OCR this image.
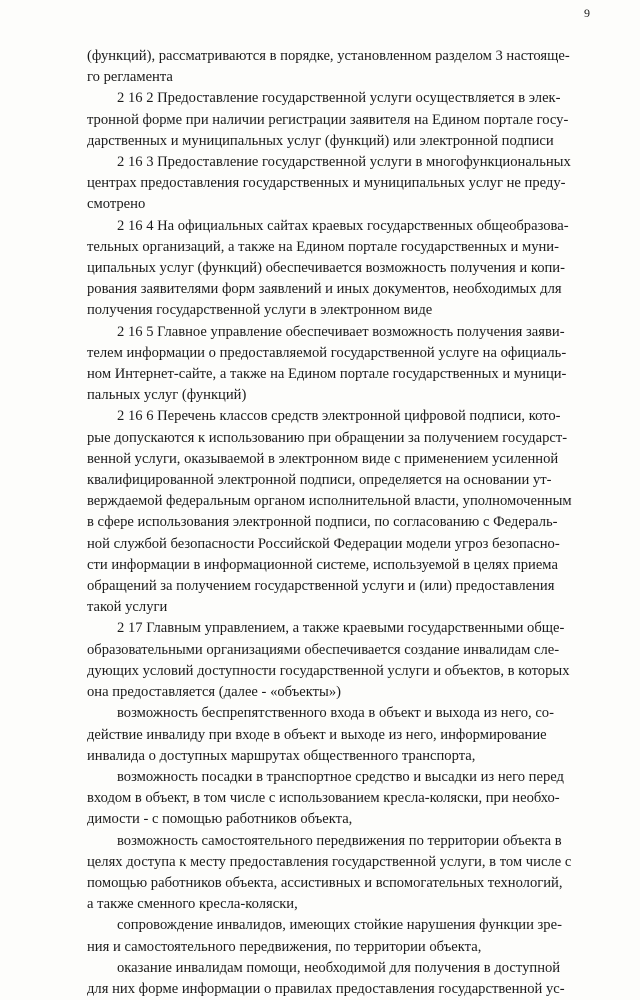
9
(функций), рассматриваются в порядке, установленном разделом 3 настояще-
го регламента
2 16 2 Предоставление государственной услуги осуществляется в элек-
тронной форме при наличии регистрации заявителя на Едином портале госу-
дарственных и муниципальных услуг (функций) или электронной подписи
2 16 3 Предоставление государственной услуги в многофункциональных
центрах предоставления государственных и муниципальных услуг не преду-
смотрено
2 16 4 На официальных сайтах краевых государственных общеобразова-
тельных организаций, а также на Едином портале государственных и муни-
ципальных услуг (функций) обеспечивается возможность получения и копи-
рования заявителями форм заявлений и иных документов, необходимых для
получения государственной услуги в электронном виде
2 16 5 Главное управление обеспечивает возможность получения заяви-
телем информации о предоставляемой государственной услуге на официаль-
ном Интернет-сайте, а также на Едином портале государственных и муници-
пальных услуг (функций)
2 16 6 Перечень классов средств электронной цифровой подписи, кото-
рые допускаются к использованию при обращении за получением государст-
венной услуги, оказываемой в электронном виде с применением усиленной
квалифицированной электронной подписи, определяется на основании ут-
верждаемой федеральным органом исполнительной власти, уполномоченным
в сфере использования электронной подписи, по согласованию с Федераль-
ной службой безопасности Российской Федерации модели угроз безопасно-
сти информации в информационной системе, используемой в целях приема
обращений за получением государственной услуги и (или) предоставления
такой услуги
2 17 Главным управлением, а также краевыми государственными обще-
образовательными организациями обеспечивается создание инвалидам сле-
дующих условий доступности государственной услуги и объектов, в которых
она предоставляется (далее - «объекты»)
возможность беспрепятственного входа в объект и выхода из него, со-
действие инвалиду при входе в объект и выходе из него, информирование
инвалида о доступных маршрутах общественного транспорта,
возможность посадки в транспортное средство и высадки из него перед
входом в объект, в том числе с использованием кресла-коляски, при необхо-
димости - с помощью работников объекта,
возможность самостоятельного передвижения по территории объекта в
целях доступа к месту предоставления государственной услуги, в том числе с
помощью работников объекта, ассистивных и вспомогательных технологий,
а также сменного кресла-коляски,
сопровождение инвалидов, имеющих стойкие нарушения функции зре-
ния и самостоятельного передвижения, по территории объекта,
оказание инвалидам помощи, необходимой для получения в доступной
для них форме информации о правилах предоставления государственной ус-
